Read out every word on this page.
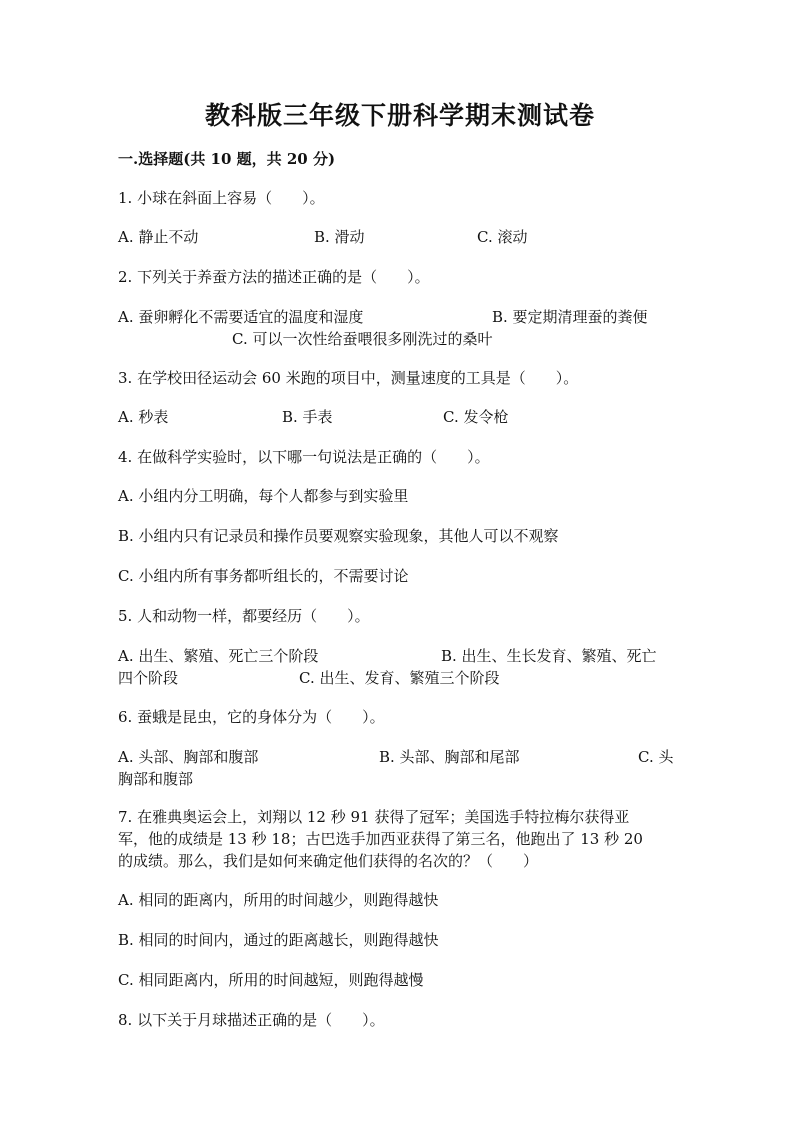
教科版三年级下册科学期末测试卷
一.选择题(共 10 题，共 20 分)
1. 小球在斜面上容易（　　）。
A. 静止不动	B. 滑动	C. 滚动
2. 下列关于养蚕方法的描述正确的是（　　）。
A. 蚕卵孵化不需要适宜的温度和湿度	B. 要定期清理蚕的粪便
C. 可以一次性给蚕喂很多刚洗过的桑叶
3. 在学校田径运动会 60 米跑的项目中，测量速度的工具是（　　）。
A. 秒表	B. 手表	C. 发令枪
4. 在做科学实验时，以下哪一句说法是正确的（　　）。
A. 小组内分工明确，每个人都参与到实验里
B. 小组内只有记录员和操作员要观察实验现象，其他人可以不观察
C. 小组内所有事务都听组长的，不需要讨论
5. 人和动物一样，都要经历（　　）。
A. 出生、繁殖、死亡三个阶段	B. 出生、生长发育、繁殖、死亡
四个阶段	C. 出生、发育、繁殖三个阶段
6. 蚕蛾是昆虫，它的身体分为（　　）。
A. 头部、胸部和腹部	B. 头部、胸部和尾部	C. 头
胸部和腹部
7. 在雅典奥运会上，刘翔以 12 秒 91 获得了冠军；美国选手特拉梅尔获得亚
军，他的成绩是 13 秒 18；古巴选手加西亚获得了第三名，他跑出了 13 秒 20
的成绩。那么，我们是如何来确定他们获得的名次的？（　　）
A. 相同的距离内，所用的时间越少，则跑得越快
B. 相同的时间内，通过的距离越长，则跑得越快
C. 相同距离内，所用的时间越短，则跑得越慢
8. 以下关于月球描述正确的是（　　）。
